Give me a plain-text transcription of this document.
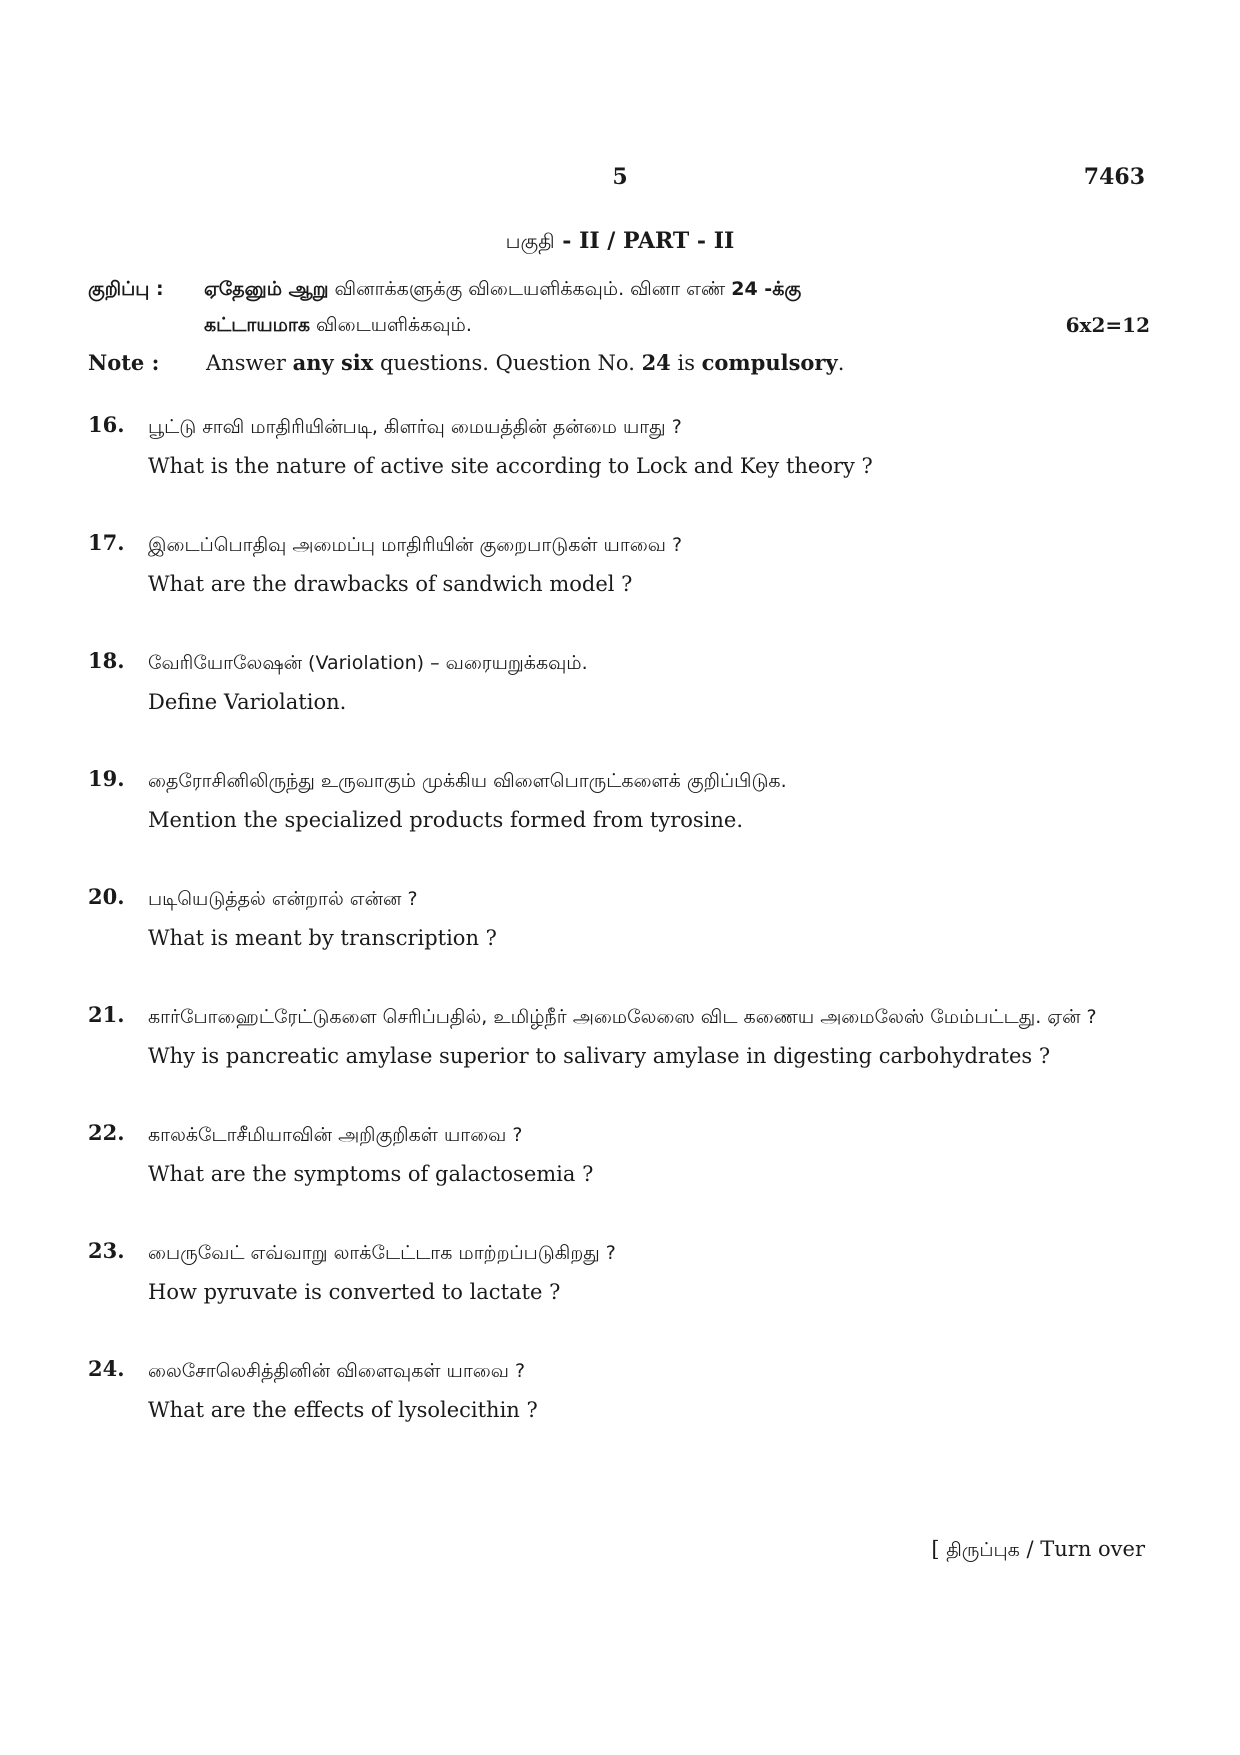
5	7463
பகுதி - II / PART - II
குறிப்பு : ஏதேனும் ஆறு வினாக்களுக்கு விடையளிக்கவும். வினா எண் 24 -க்கு
கட்டாயமாக விடையளிக்கவும்.	6x2=12
Note : Answer any six questions. Question No. 24 is compulsory.
16. பூட்டு சாவி மாதிரியின்படி, கிளர்வு மையத்தின் தன்மை யாது ?
What is the nature of active site according to Lock and Key theory ?
17. இடைப்பொதிவு அமைப்பு மாதிரியின் குறைபாடுகள் யாவை ?
What are the drawbacks of sandwich model ?
18. வேரியோலேஷன் (Variolation) – வரையறுக்கவும்.
Define Variolation.
19. தைரோசினிலிருந்து உருவாகும் முக்கிய விளைபொருட்களைக் குறிப்பிடுக.
Mention the specialized products formed from tyrosine.
20. படியெடுத்தல் என்றால் என்ன ?
What is meant by transcription ?
21. கார்போஹைட்ரேட்டுகளை செரிப்பதில், உமிழ்நீர் அமைலேஸை விட கணைய அமைலேஸ் மேம்பட்டது. ஏன் ?
Why is pancreatic amylase superior to salivary amylase in digesting carbohydrates ?
22. காலக்டோசீமியாவின் அறிகுறிகள் யாவை ?
What are the symptoms of galactosemia ?
23. பைருவேட் எவ்வாறு லாக்டேட்டாக மாற்றப்படுகிறது ?
How pyruvate is converted to lactate ?
24. லைசோலெசித்தினின் விளைவுகள் யாவை ?
What are the effects of lysolecithin ?
[ திருப்புக / Turn over
